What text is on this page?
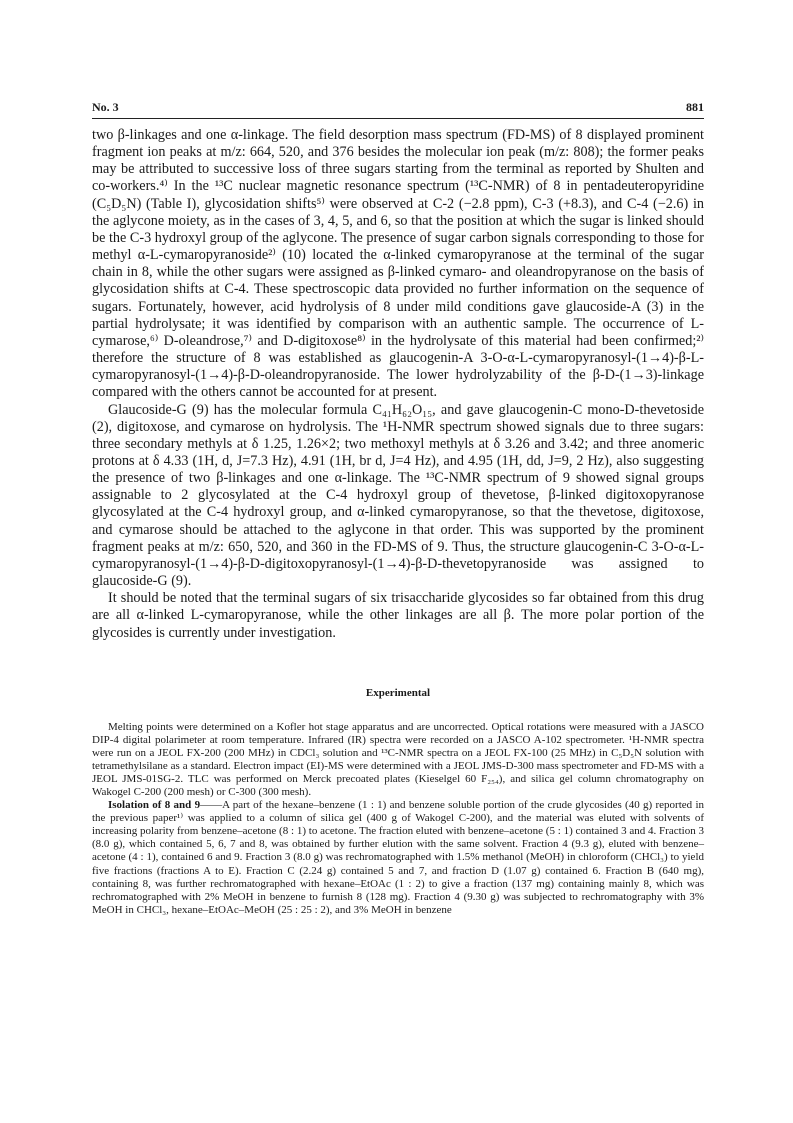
No. 3	881

two β-linkages and one α-linkage. The field desorption mass spectrum (FD-MS) of 8 displayed prominent fragment ion peaks at m/z: 664, 520, and 376 besides the molecular ion peak (m/z: 808); the former peaks may be attributed to successive loss of three sugars starting from the terminal as reported by Shulten and co-workers.⁴⁾ In the ¹³C nuclear magnetic resonance spectrum (¹³C-NMR) of 8 in pentadeuteropyridine (C₅D₅N) (Table I), glycosidation shifts⁵⁾ were observed at C-2 (−2.8 ppm), C-3 (+8.3), and C-4 (−2.6) in the aglycone moiety, as in the cases of 3, 4, 5, and 6, so that the position at which the sugar is linked should be the C-3 hydroxyl group of the aglycone. The presence of sugar carbon signals corresponding to those for methyl α-L-cymaropyranoside²⁾ (10) located the α-linked cymaropyranose at the terminal of the sugar chain in 8, while the other sugars were assigned as β-linked cymaro- and oleandropyranose on the basis of glycosidation shifts at C-4. These spectroscopic data provided no further information on the sequence of sugars. Fortunately, however, acid hydrolysis of 8 under mild conditions gave glaucoside-A (3) in the partial hydrolysate; it was identified by comparison with an authentic sample. The occurrence of L-cymarose,⁶⁾ D-oleandrose,⁷⁾ and D-digitoxose⁸⁾ in the hydrolysate of this material had been confirmed;²⁾ therefore the structure of 8 was established as glaucogenin-A 3-O-α-L-cymaropyranosyl-(1→4)-β-L-cymaropyranosyl-(1→4)-β-D-oleandropyranoside. The lower hydrolyzability of the β-D-(1→3)-linkage compared with the others cannot be accounted for at present.

Glaucoside-G (9) has the molecular formula C₄₁H₆₂O₁₅, and gave glaucogenin-C mono-D-thevetoside (2), digitoxose, and cymarose on hydrolysis. The ¹H-NMR spectrum showed signals due to three sugars: three secondary methyls at δ 1.25, 1.26×2; two methoxyl methyls at δ 3.26 and 3.42; and three anomeric protons at δ 4.33 (1H, d, J=7.3 Hz), 4.91 (1H, br d, J=4 Hz), and 4.95 (1H, dd, J=9, 2 Hz), also suggesting the presence of two β-linkages and one α-linkage. The ¹³C-NMR spectrum of 9 showed signal groups assignable to 2 glycosylated at the C-4 hydroxyl group of thevetose, β-linked digitoxopyranose glycosylated at the C-4 hydroxyl group, and α-linked cymaropyranose, so that the thevetose, digitoxose, and cymarose should be attached to the aglycone in that order. This was supported by the prominent fragment peaks at m/z: 650, 520, and 360 in the FD-MS of 9. Thus, the structure glaucogenin-C 3-O-α-L-cymaropyranosyl-(1→4)-β-D-digitoxopyranosyl-(1→4)-β-D-thevetopyranoside was assigned to glaucoside-G (9).

It should be noted that the terminal sugars of six trisaccharide glycosides so far obtained from this drug are all α-linked L-cymaropyranose, while the other linkages are all β. The more polar portion of the glycosides is currently under investigation.

Experimental

Melting points were determined on a Kofler hot stage apparatus and are uncorrected. Optical rotations were measured with a JASCO DIP-4 digital polarimeter at room temperature. Infrared (IR) spectra were recorded on a JASCO A-102 spectrometer. ¹H-NMR spectra were run on a JEOL FX-200 (200 MHz) in CDCl₃ solution and ¹³C-NMR spectra on a JEOL FX-100 (25 MHz) in C₅D₅N solution with tetramethylsilane as a standard. Electron impact (EI)-MS were determined with a JEOL JMS-D-300 mass spectrometer and FD-MS with a JEOL JMS-01SG-2. TLC was performed on Merck precoated plates (Kieselgel 60 F₂₅₄), and silica gel column chromatography on Wakogel C-200 (200 mesh) or C-300 (300 mesh).

Isolation of 8 and 9——A part of the hexane–benzene (1 : 1) and benzene soluble portion of the crude glycosides (40 g) reported in the previous paper¹⁾ was applied to a column of silica gel (400 g of Wakogel C-200), and the material was eluted with solvents of increasing polarity from benzene–acetone (8 : 1) to acetone. The fraction eluted with benzene–acetone (5 : 1) contained 3 and 4. Fraction 3 (8.0 g), which contained 5, 6, 7 and 8, was obtained by further elution with the same solvent. Fraction 4 (9.3 g), eluted with benzene–acetone (4 : 1), contained 6 and 9. Fraction 3 (8.0 g) was rechromatographed with 1.5% methanol (MeOH) in chloroform (CHCl₃) to yield five fractions (fractions A to E). Fraction C (2.24 g) contained 5 and 7, and fraction D (1.07 g) contained 6. Fraction B (640 mg), containing 8, was further rechromatographed with hexane–EtOAc (1 : 2) to give a fraction (137 mg) containing mainly 8, which was rechromatographed with 2% MeOH in benzene to furnish 8 (128 mg). Fraction 4 (9.30 g) was subjected to rechromatography with 3% MeOH in CHCl₃, hexane–EtOAc–MeOH (25 : 25 : 2), and 3% MeOH in benzene
